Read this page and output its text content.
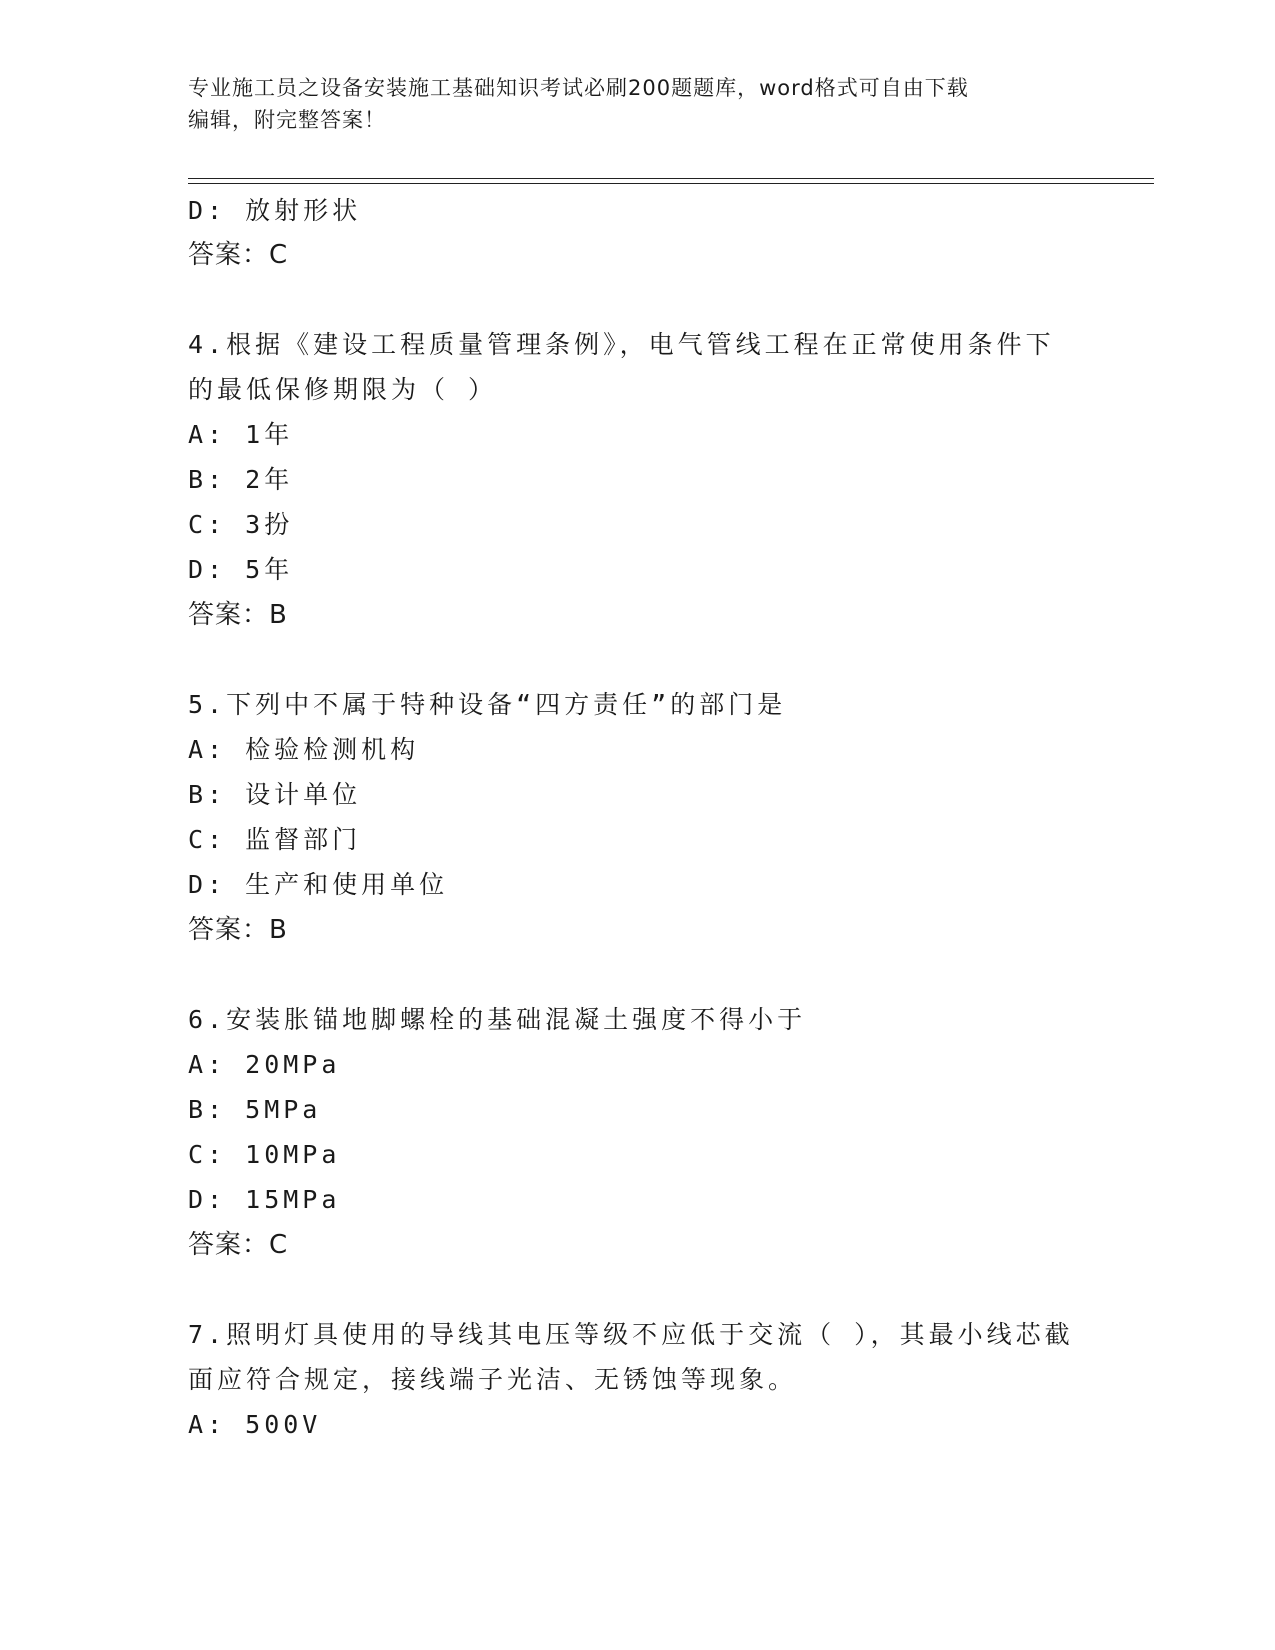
专业施工员之设备安装施工基础知识考试必刷200题题库，word格式可自由下载
编辑，附完整答案！
D: 放射形状
答案：C
4.根据《建设工程质量管理条例》，电气管线工程在正常使用条件下
的最低保修期限为（ ）
A: 1年
B: 2年
C: 3扮
D: 5年
答案：B
5.下列中不属于特种设备“四方责任”的部门是
A: 检验检测机构
B: 设计单位
C: 监督部门
D: 生产和使用单位
答案：B
6.安装胀锚地脚螺栓的基础混凝土强度不得小于
A: 20MPa
B: 5MPa
C: 10MPa
D: 15MPa
答案：C
7.照明灯具使用的导线其电压等级不应低于交流（ ），其最小线芯截
面应符合规定，接线端子光洁、无锈蚀等现象。
A: 500V
